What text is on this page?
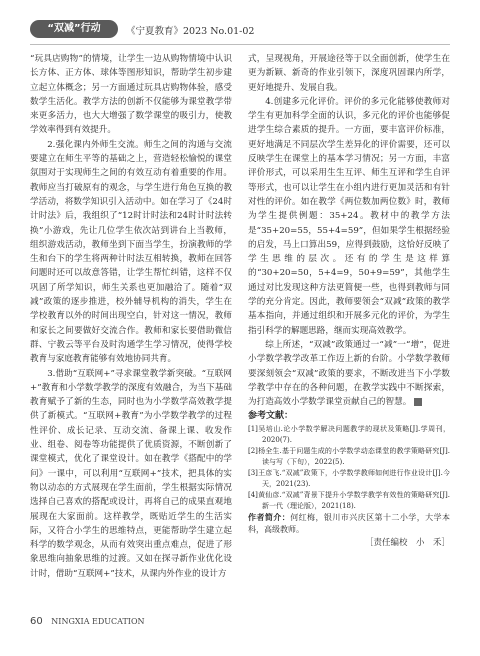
“双减”行动	《宁夏教育》2023 No.01-02

“玩具店购物”的情境，让学生一边从购物情境中认识长方体、正方体、球体等图形知识，帮助学生初步建立起立体概念；另一方面通过玩具店购物体验，感受数学生活化。教学方法的创新不仅能够为课堂教学带来更多活力，也大大增强了数学课堂的吸引力，使教学效率得到有效提升。

2.强化课内外师生交流。师生之间的沟通与交流要建立在师生平等的基础之上，营造轻松愉悦的课堂氛围对于实现师生之间的有效互动有着重要的作用。教师应当打破原有的观念，与学生进行角色互换的教学活动，将数学知识引入活动中。如在学习了《24时计时法》后，我组织了“12时计时法和24时计时法转换”小游戏，先让几位学生依次站到讲台上当教师，组织游戏活动，教师坐到下面当学生，扮演教师的学生和台下的学生将两种计时法互相转换，教师在回答问题时还可以故意答错，让学生帮忙纠错，这样不仅巩固了所学知识，师生关系也更加融洽了。随着“双减”政策的逐步推进，校外辅导机构的消失，学生在学校教育以外的时间出现空白，针对这一情况，教师和家长之间要做好交流合作。教师和家长要借助微信群、宁教云等平台及时沟通学生学习情况，使得学校教育与家庭教育能够有效地协同共育。

3.借助“互联网+”寻求课堂教学新突破。“互联网+”教育和小学数学教学的深度有效融合，为当下基础教育赋予了新的生态，同时也为小学数学高效教学提供了新模式。“互联网+教育”为小学数学教学的过程性评价、成长记录、互动交流、备课上课、收发作业、组卷、阅卷等功能提供了优质资源，不断创新了课堂模式，优化了课堂设计。如在教学《搭配中的学问》一课中，可以利用“互联网+”技术，把具体的实物以动态的方式展现在学生面前，学生根据实际情况选择自己喜欢的搭配或设计，再将自己的成果直观地展现在大家面前。这样教学，既贴近学生的生活实际，又符合小学生的思维特点，更能帮助学生建立起科学的数学观念，从而有效突出重点难点，促进了形象思维向抽象思维的过渡。又如在探寻新作业优化设计时，借助“互联网+”技术，从课内外作业的设计方

式，呈现视角，开展途径等于以全面创新，使学生在更为新颖、新奇的作业引领下，深度巩固课内所学，更好地提升、发展自我。

4.创建多元化评价。评价的多元化能够使教师对学生有更加科学全面的认识，多元化的评价也能够促进学生综合素质的提升。一方面，要丰富评价标准，更好地满足不同层次学生差异化的评价需要，还可以反映学生在课堂上的基本学习情况；另一方面，丰富评价形式，可以采用生生互评、师生互评和学生自评等形式，也可以让学生在小组内进行更加灵活和有针对性的评价。如在教学《两位数加两位数》时，教师为学生提供例题：35+24。教材中的教学方法是“35+20=55，55+4=59”，但如果学生根据经验的启发，马上口算出59，应得到鼓励，这恰好反映了学生思维的层次。还有的学生是这样算的“30+20=50，5+4=9，50+9=59”，其他学生通过对比发现这种方法更简便一些，也得到教师与同学的充分肯定。因此，教师要领会“双减”政策的教学基本指向，并通过组织和开展多元化的评价，为学生指引科学的解题思路，继而实现高效教学。

综上所述，“双减”政策通过一“减”一“增”，促进小学数学教学改革工作迈上新的台阶。小学数学教师要深刻领会“双减”政策的要求，不断改进当下小学数学教学中存在的各种问题，在教学实践中不断探索，为打造高效小学数学课堂贡献自己的智慧。

参考文献：

[1]吴培山.论小学数学解决问题教学的现状及策略[J].学周刊，2020(7).

[2]杨全生.基于问题生成的小学数学动态课堂的教学策略研究[J].读与写（下旬），2022(5).

[3]王彦飞.“双减”政策下，小学数学教师如何进行作业设计[J].今天，2021(23).

[4]黄仙彦.“双减”背景下提升小学数学教学有效性的策略研究[J].新一代（理论版），2021(18).

作者简介：何红梅，银川市兴庆区第十二小学，大学本科，高级教师。

［责任编校　小　禾］

60 NINGXIA EDUCATION
